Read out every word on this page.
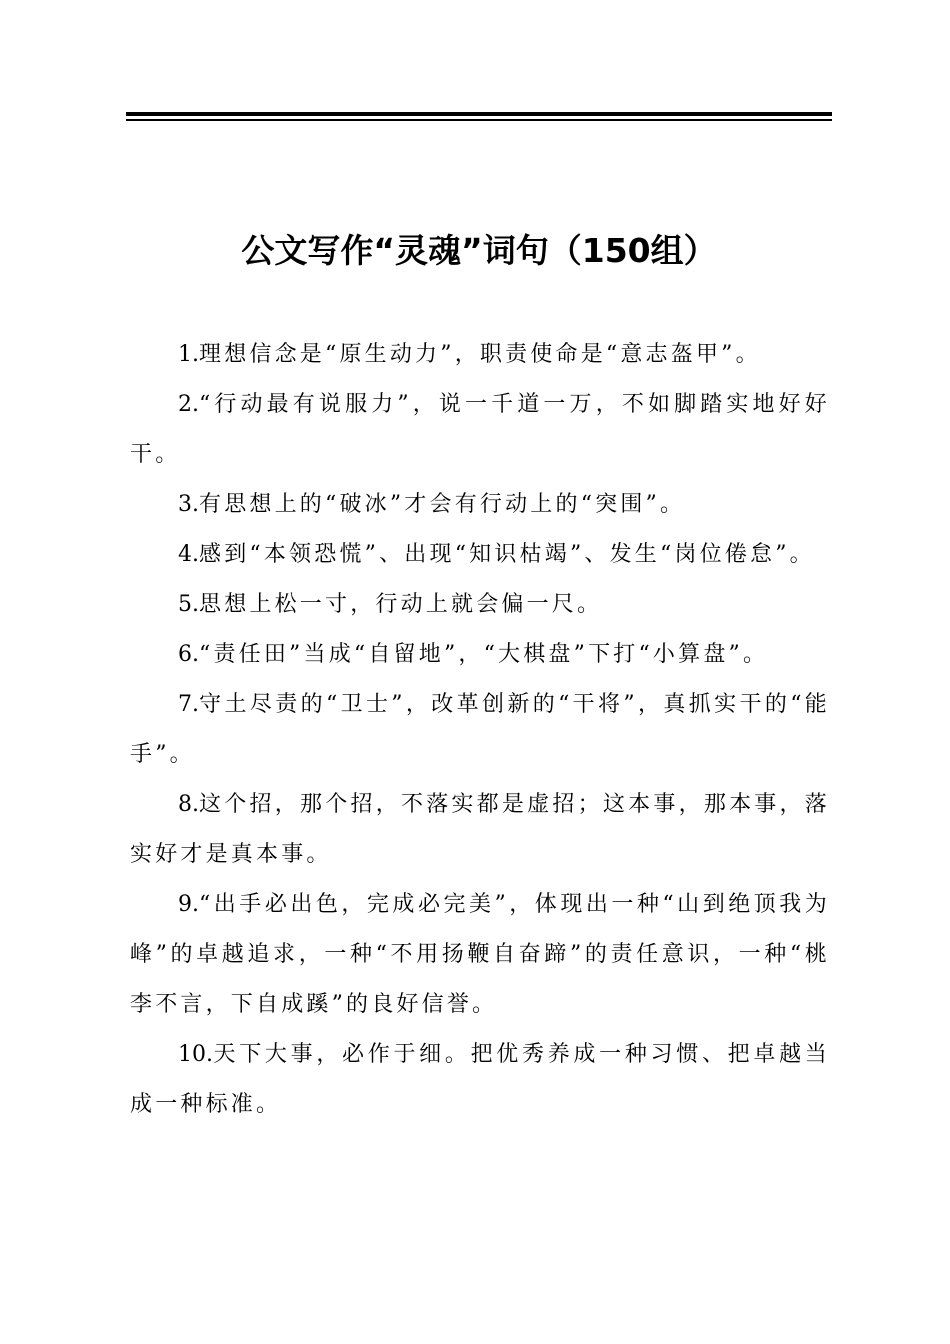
公文写作“灵魂”词句（150组）

1.理想信念是“原生动力”，职责使命是“意志盔甲”。

2.“行动最有说服力”，说一千道一万，不如脚踏实地好好干。

3.有思想上的“破冰”才会有行动上的“突围”。

4.感到“本领恐慌”、出现“知识枯竭”、发生“岗位倦怠”。

5.思想上松一寸，行动上就会偏一尺。

6.“责任田”当成“自留地”，“大棋盘”下打“小算盘”。

7.守土尽责的“卫士”，改革创新的“干将”，真抓实干的“能手”。

8.这个招，那个招，不落实都是虚招；这本事，那本事，落实好才是真本事。

9.“出手必出色，完成必完美”，体现出一种“山到绝顶我为峰”的卓越追求，一种“不用扬鞭自奋蹄”的责任意识，一种“桃李不言，下自成蹊”的良好信誉。

10.天下大事，必作于细。把优秀养成一种习惯、把卓越当成一种标准。
